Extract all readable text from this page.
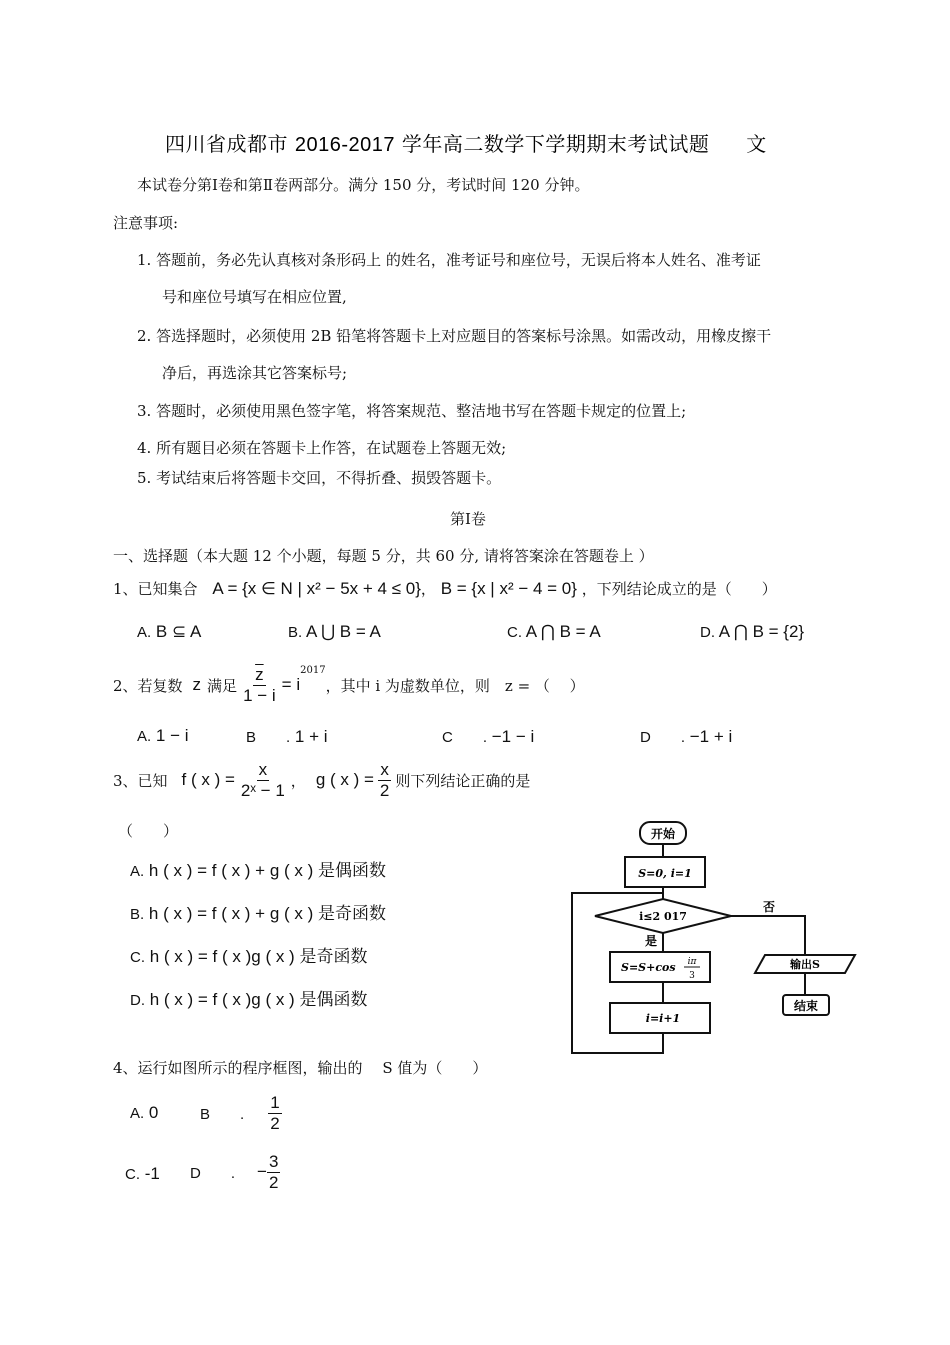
四川省成都市 2016-2017 学年高二数学下学期期末考试试题 文
本试卷分第Ⅰ卷和第Ⅱ卷两部分。满分 150 分，考试时间 120 分钟。
注意事项:
1. 答题前，务必先认真核对条形码上 的姓名，准考证号和座位号，无误后将本人姓名、准考证
号和座位号填写在相应位置,
2. 答选择题时，必须使用 2B 铅笔将答题卡上对应题目的答案标号涂黑。如需改动，用橡皮擦干
净后，再选涂其它答案标号;
3. 答题时，必须使用黑色签字笔，将答案规范、整洁地书写在答题卡规定的位置上;
4. 所有题目必须在答题卡上作答，在试题卷上答题无效;
5. 考试结束后将答题卡交回，不得折叠、损毁答题卡。
第Ⅰ卷
一、选择题（本大题 12 个小题，每题 5 分，共 60 分, 请将答案涂在答题卷上 ）
1、已知集合 A = {x ∈ N | x² − 5x + 4 ≤ 0}， B = {x | x² − 4 = 0} ，下列结论成立的是（　　）
A. B ⊆ A	B. A ⋃ B = A	C. A ⋂ B = A	D. A ⋂ B = {2}
2、若复数 z 满足 $\frac{\overline{z}}{1 - i} = i$
$^{2017}$
，其中 i 为虚数单位，则　z = （　 ）
A. 1 − i	B　　. 1 + i	C　　. −1 − i	D　　. −1 + i
3、已知 f ( x ) = $\frac{x}{\text{2ˣ − 1}}$ ， g ( x ) = $\frac{x}{2}$ 则下列结论正确的是
（　　）
A. h ( x ) = f ( x ) + g ( x ) 是偶函数
B. h ( x ) = f ( x ) + g ( x ) 是奇函数
C. h ( x ) = f ( x )g ( x ) 是奇函数
D. h ( x ) = f ( x )g ( x ) 是偶函数
4、运行如图所示的程序框图，输出的　 S 值为（　　）
A. 0	B　　. $\frac{1}{2}$
C. -1 D　　. − $\frac{3}{2}$
开始
S=0, i=1
i≤2 017
否
是
S=S+cos iπ
3
i=i+1
输出S
结束
